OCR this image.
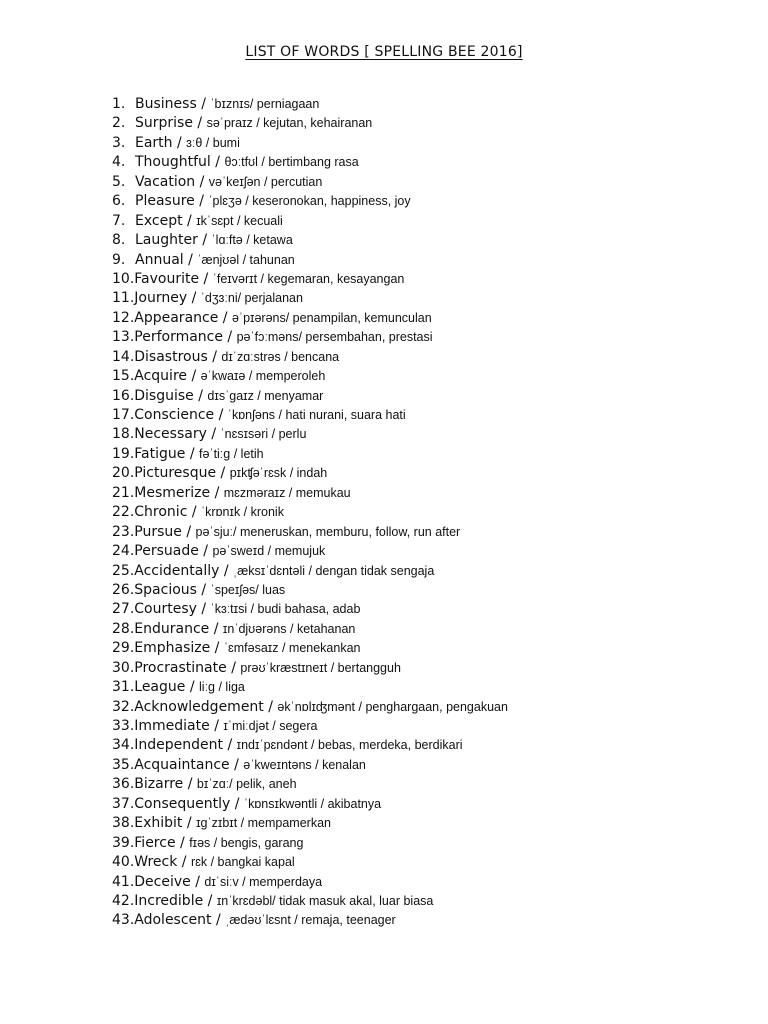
LIST OF WORDS [ SPELLING BEE 2016]
1. Business / ˈbɪznɪs/ perniagaan
2. Surprise / səˈpraɪz / kejutan, kehairanan
3. Earth / ɜːθ / bumi
4. Thoughtful / θɔːtfʊl / bertimbang rasa
5. Vacation / vəˈkeɪʃən / percutian
6. Pleasure / ˈplɛʒə / keseronokan, happiness, joy
7. Except / ɪkˈsɛpt / kecuali
8. Laughter / ˈlɑːftə / ketawa
9. Annual / ˈænjʊəl / tahunan
10.Favourite / ˈfeɪvərɪt / kegemaran, kesayangan
11.Journey / ˈdʒɜːni/ perjalanan
12.Appearance / əˈpɪərəns/ penampilan, kemunculan
13.Performance / pəˈfɔːməns/ persembahan, prestasi
14.Disastrous / dɪˈzɑːstrəs / bencana
15.Acquire / əˈkwaɪə / memperoleh
16.Disguise / dɪsˈgaɪz / menyamar
17.Conscience / ˈkɒnʃəns / hati nurani, suara hati
18.Necessary / ˈnɛsɪsəri / perlu
19.Fatigue / fəˈtiːg / letih
20.Picturesque / pɪkʧəˈrɛsk / indah
21.Mesmerize / mɛzməraɪz / memukau
22.Chronic / ˈkrɒnɪk / kronik
23.Pursue / pəˈsjuː/ meneruskan, memburu, follow, run after
24.Persuade / pəˈsweɪd / memujuk
25.Accidentally / ˌæksɪˈdɛntəli / dengan tidak sengaja
26.Spacious / ˈspeɪʃəs/ luas
27.Courtesy / ˈkɜːtɪsi / budi bahasa, adab
28.Endurance / ɪnˈdjʊərəns / ketahanan
29.Emphasize / ˈɛmfəsaɪz / menekankan
30.Procrastinate / prəʊˈkræstɪneɪt / bertangguh
31.League / liːg / liga
32.Acknowledgement / əkˈnɒlɪʤmənt / penghargaan, pengakuan
33.Immediate / ɪˈmiːdjət / segera
34.Independent / ɪndɪˈpɛndənt / bebas, merdeka, berdikari
35.Acquaintance / əˈkweɪntəns / kenalan
36.Bizarre / bɪˈzɑː/ pelik, aneh
37.Consequently / ˈkɒnsɪkwəntli / akibatnya
38.Exhibit / ɪgˈzɪbɪt / mempamerkan
39.Fierce / fɪəs / bengis, garang
40.Wreck / rɛk / bangkai kapal
41.Deceive / dɪˈsiːv / memperdaya
42.Incredible / ɪnˈkrɛdəbl/ tidak masuk akal, luar biasa
43.Adolescent / ˌædəʊˈlɛsnt / remaja, teenager
